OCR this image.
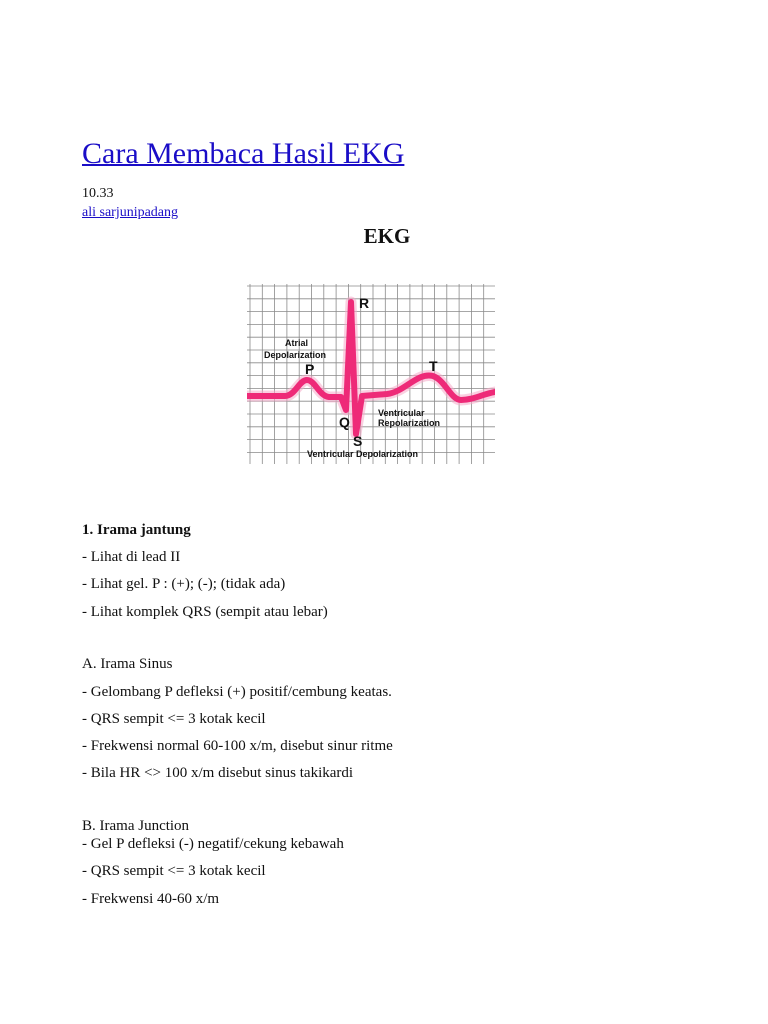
Cara Membaca Hasil EKG
10.33
ali sarjunipadang
EKG
R
Atrial
Depolarization
P	T
Ventricular
Repolarization
Q
S
Ventricular Depolarization
1. Irama jantung
- Lihat di lead II
- Lihat gel. P : (+); (-); (tidak ada)
- Lihat komplek QRS (sempit atau lebar)
A. Irama Sinus
- Gelombang P defleksi (+) positif/cembung keatas.
- QRS sempit <= 3 kotak kecil
- Frekwensi normal 60-100 x/m, disebut sinur ritme
- Bila HR <> 100 x/m disebut sinus takikardi
B. Irama Junction
- Gel P defleksi (-) negatif/cekung kebawah
- QRS sempit <= 3 kotak kecil
- Frekwensi 40-60 x/m
